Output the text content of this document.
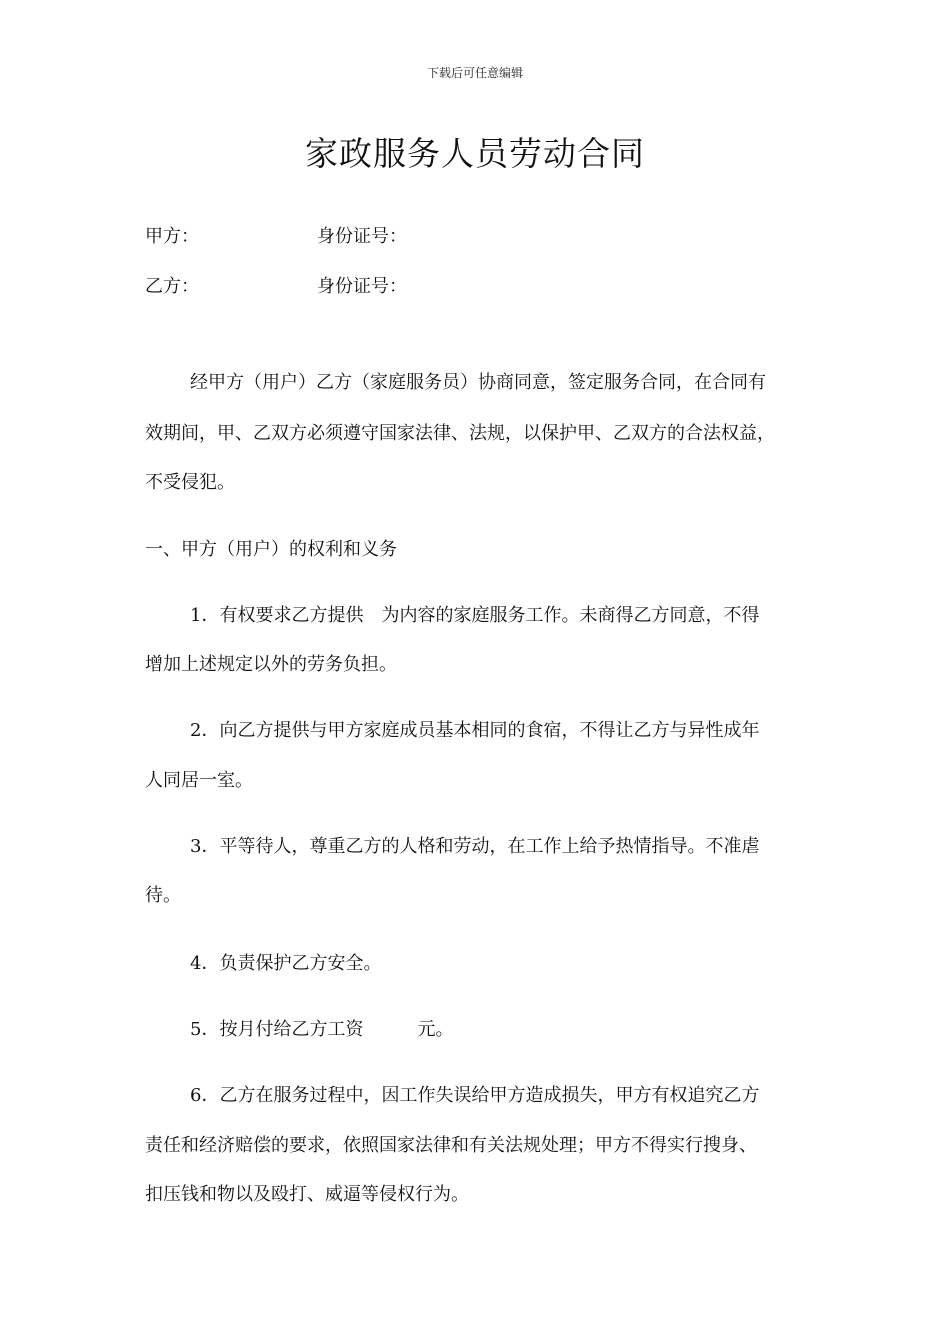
下载后可任意编辑
家政服务人员劳动合同
甲方：	身份证号：
乙方：	身份证号：
经甲方（用户）乙方（家庭服务员）协商同意，签定服务合同，在合同有
效期间，甲、乙双方必须遵守国家法律、法规，以保护甲、乙双方的合法权益，
不受侵犯。
一、甲方（用户）的权利和义务
1．有权要求乙方提供　为内容的家庭服务工作。未商得乙方同意，不得
增加上述规定以外的劳务负担。
2．向乙方提供与甲方家庭成员基本相同的食宿，不得让乙方与异性成年
人同居一室。
3．平等待人，尊重乙方的人格和劳动，在工作上给予热情指导。不准虐
待。
4．负责保护乙方安全。
5．按月付给乙方工资　　　元。
6．乙方在服务过程中，因工作失误给甲方造成损失，甲方有权追究乙方
责任和经济赔偿的要求，依照国家法律和有关法规处理；甲方不得实行搜身、
扣压钱和物以及殴打、威逼等侵权行为。
